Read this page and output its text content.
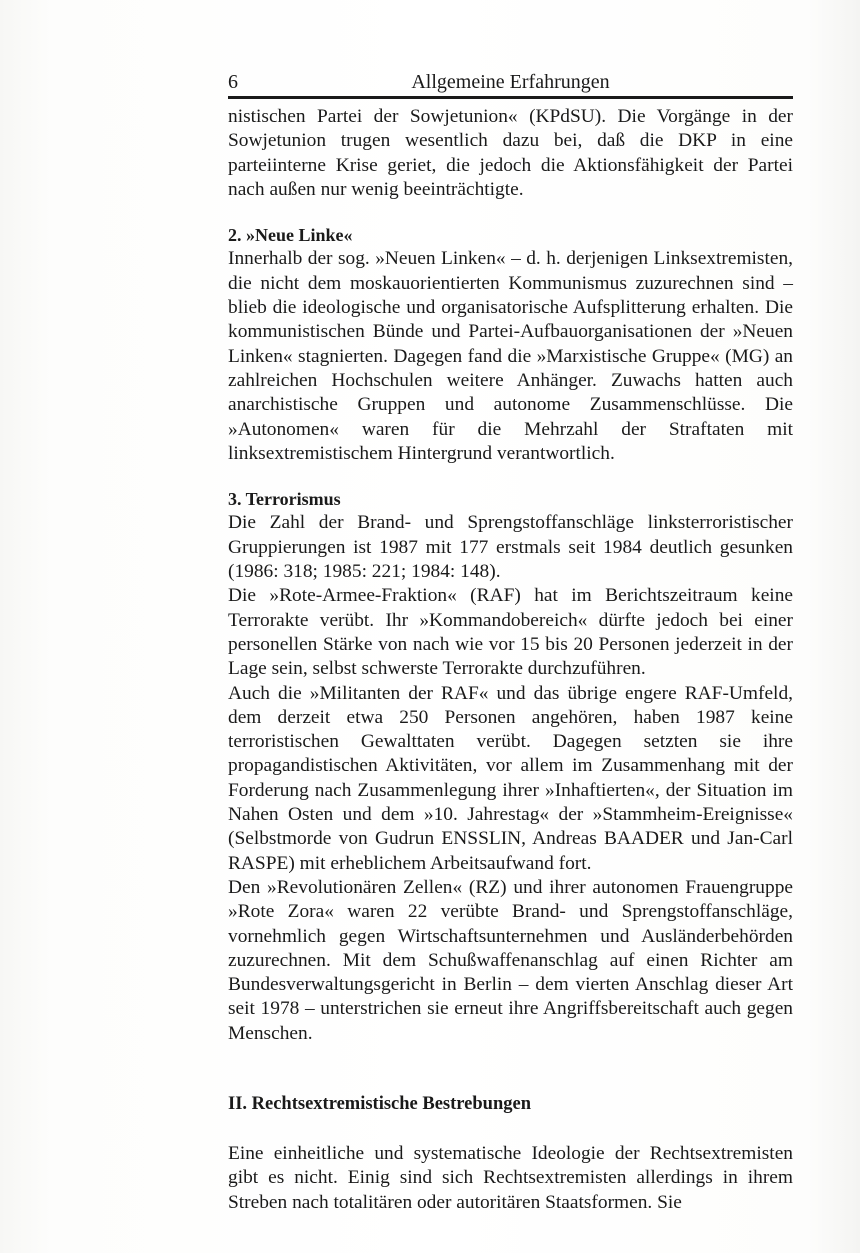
6	Allgemeine Erfahrungen

nistischen Partei der Sowjetunion« (KPdSU). Die Vorgänge in der Sowjetunion trugen wesentlich dazu bei, daß die DKP in eine parteiinterne Krise geriet, die jedoch die Aktionsfähigkeit der Partei nach außen nur wenig beeinträchtigte.

2. »Neue Linke«

Innerhalb der sog. »Neuen Linken« – d. h. derjenigen Linksextremisten, die nicht dem moskauorientierten Kommunismus zuzurechnen sind – blieb die ideologische und organisatorische Aufsplitterung erhalten. Die kommunistischen Bünde und Partei-Aufbauorganisationen der »Neuen Linken« stagnierten. Dagegen fand die »Marxistische Gruppe« (MG) an zahlreichen Hochschulen weitere Anhänger. Zuwachs hatten auch anarchistische Gruppen und autonome Zusammenschlüsse. Die »Autonomen« waren für die Mehrzahl der Straftaten mit linksextremistischem Hintergrund verantwortlich.

3. Terrorismus

Die Zahl der Brand- und Sprengstoffanschläge linksterroristischer Gruppierungen ist 1987 mit 177 erstmals seit 1984 deutlich gesunken (1986: 318; 1985: 221; 1984: 148).

Die »Rote-Armee-Fraktion« (RAF) hat im Berichtszeitraum keine Terrorakte verübt. Ihr »Kommandobereich« dürfte jedoch bei einer personellen Stärke von nach wie vor 15 bis 20 Personen jederzeit in der Lage sein, selbst schwerste Terrorakte durchzuführen.

Auch die »Militanten der RAF« und das übrige engere RAF-Umfeld, dem derzeit etwa 250 Personen angehören, haben 1987 keine terroristischen Gewalttaten verübt. Dagegen setzten sie ihre propagandistischen Aktivitäten, vor allem im Zusammenhang mit der Forderung nach Zusammenlegung ihrer »Inhaftierten«, der Situation im Nahen Osten und dem »10. Jahrestag« der »Stammheim-Ereignisse« (Selbstmorde von Gudrun ENSSLIN, Andreas BAADER und Jan-Carl RASPE) mit erheblichem Arbeitsaufwand fort.

Den »Revolutionären Zellen« (RZ) und ihrer autonomen Frauengruppe »Rote Zora« waren 22 verübte Brand- und Sprengstoffanschläge, vornehmlich gegen Wirtschaftsunternehmen und Ausländerbehörden zuzurechnen. Mit dem Schußwaffenanschlag auf einen Richter am Bundesverwaltungsgericht in Berlin – dem vierten Anschlag dieser Art seit 1978 – unterstrichen sie erneut ihre Angriffsbereitschaft auch gegen Menschen.

II. Rechtsextremistische Bestrebungen

Eine einheitliche und systematische Ideologie der Rechtsextremisten gibt es nicht. Einig sind sich Rechtsextremisten allerdings in ihrem Streben nach totalitären oder autoritären Staatsformen. Sie
